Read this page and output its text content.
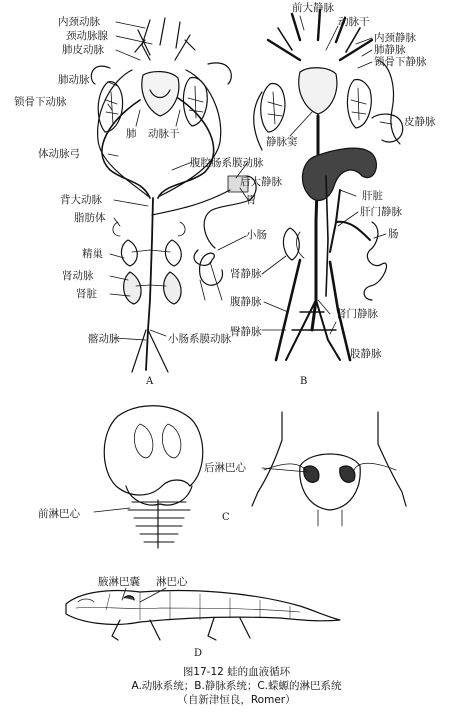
内颈动脉
颈动脉腺
肺皮动脉
肺动脉
锁骨下动脉
肺 动脉干
体动脉弓
腹腔肠系膜动脉
背大动脉	胃
脂肪体
小肠
精巢
肾动脉
肾脏
髂动脉	小肠系膜动脉
A
前大静脉
动脉干
内颈静脉
肺静脉
锁骨下静脉
皮静脉
静脉窦
肝脏
后大静脉
肝门静脉
肠
肾静脉
腹静脉
肾门静脉
臀静脉
股静脉
B
后淋巴心
前淋巴心	C
腋淋巴囊 淋巴心
D
图17-12 蛙的血液循环
A.动脉系统；B.静脉系统；C.蝾螈的淋巴系统
（自新津恒良，Romer）
